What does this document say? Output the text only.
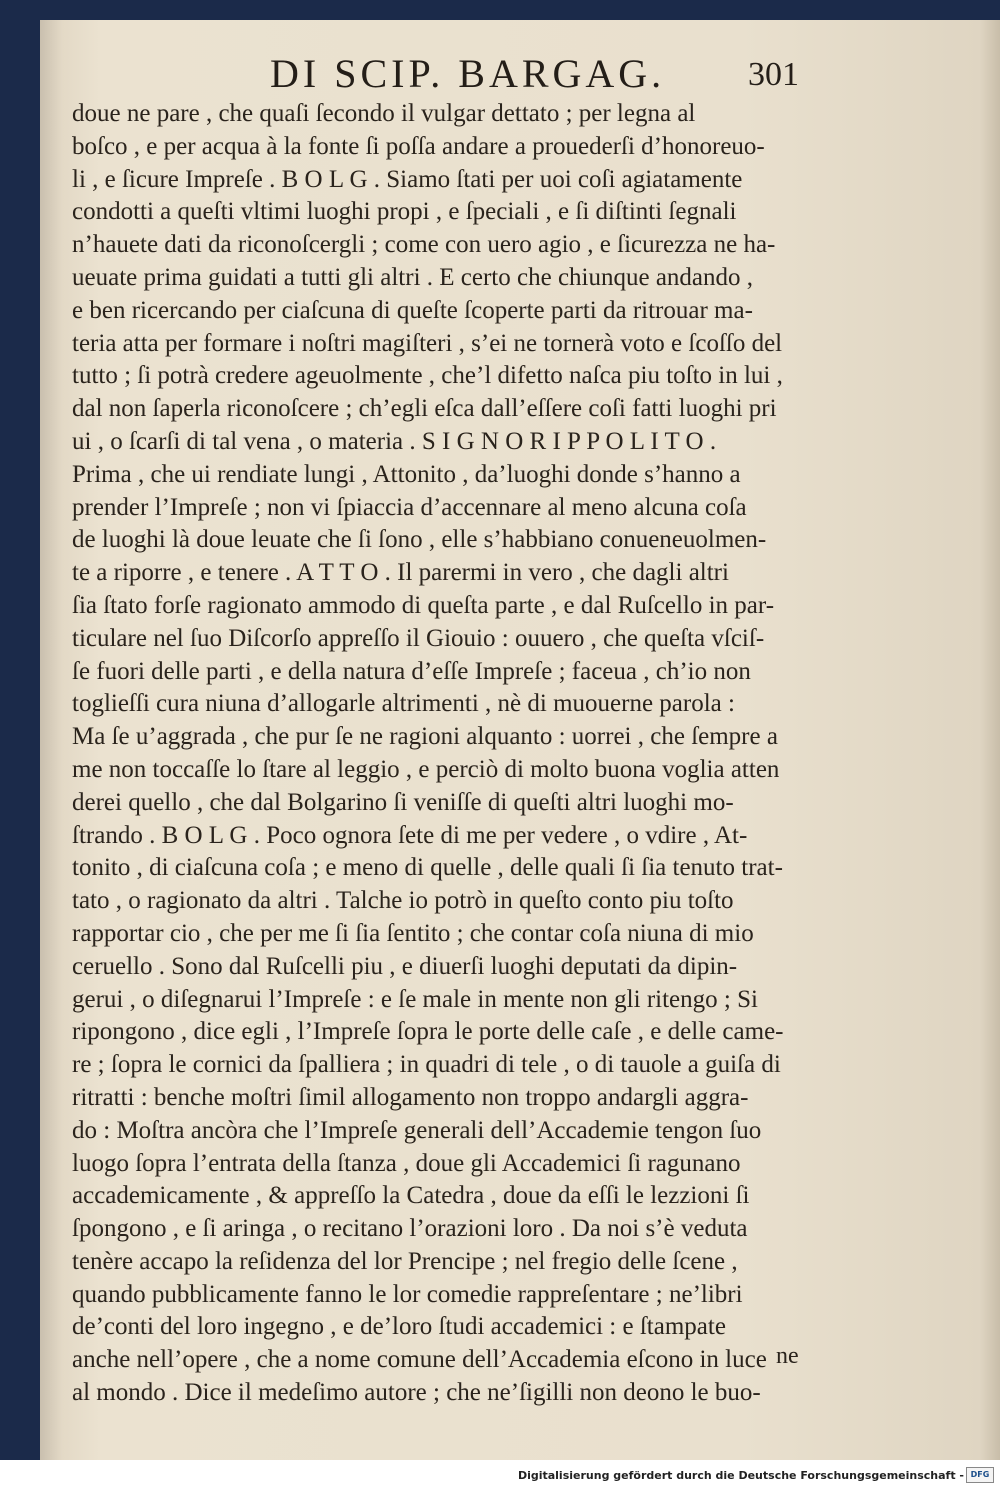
DI SCIP. BARGAG. 301
doue ne pare , che quaſi ſecondo il vulgar dettato ; per legna al
boſco , e per acqua à la fonte ſi poſſa andare a prouederſi d’honoreuo-
li , e ſicure Impreſe . B O L G . Siamo ſtati per uoi coſi agiatamente
condotti a queſti vltimi luoghi propi , e ſpeciali , e ſi diſtinti ſegnali
n’hauete dati da riconoſcergli ; come con uero agio , e ſicurezza ne ha-
ueuate prima guidati a tutti gli altri . E certo che chiunque andando ,
e ben ricercando per ciaſcuna di queſte ſcoperte parti da ritrouar ma-
teria atta per formare i noſtri magiſteri , s’ei ne tornerà voto e ſcoſſo del
tutto ; ſi potrà credere ageuolmente , che’l difetto naſca piu toſto in lui ,
dal non ſaperla riconoſcere ; ch’egli eſca dall’eſſere coſi fatti luoghi pri
ui , o ſcarſi di tal vena , o materia . S I G N O R I P P O L I T O .
Prima , che ui rendiate lungi , Attonito , da’luoghi donde s’hanno a
prender l’Impreſe ; non vi ſpiaccia d’accennare al meno alcuna coſa
de luoghi là doue leuate che ſi ſono , elle s’habbiano conueneuolmen-
te a riporre , e tenere . A T T O . Il parermi in vero , che dagli altri
ſia ſtato forſe ragionato ammodo di queſta parte , e dal Ruſcello in par-
ticulare nel ſuo Diſcorſo appreſſo il Giouio : ouuero , che queſta vſciſ-
ſe fuori delle parti , e della natura d’eſſe Impreſe ; faceua , ch’io non
toglieſſi cura niuna d’allogarle altrimenti , nè di muouerne parola :
Ma ſe u’aggrada , che pur ſe ne ragioni alquanto : uorrei , che ſempre a
me non toccaſſe lo ſtare al leggio , e perciò di molto buona voglia atten
derei quello , che dal Bolgarino ſi veniſſe di queſti altri luoghi mo-
ſtrando . B O L G . Poco ognora ſete di me per vedere , o vdire , At-
tonito , di ciaſcuna coſa ; e meno di quelle , delle quali ſi ſia tenuto trat-
tato , o ragionato da altri . Talche io potrò in queſto conto piu toſto
rapportar cio , che per me ſi ſia ſentito ; che contar coſa niuna di mio
ceruello . Sono dal Ruſcelli piu , e diuerſi luoghi deputati da dipin-
gerui , o diſegnarui l’Impreſe : e ſe male in mente non gli ritengo ; Si
ripongono , dice egli , l’Impreſe ſopra le porte delle caſe , e delle came-
re ; ſopra le cornici da ſpalliera ; in quadri di tele , o di tauole a guiſa di
ritratti : benche moſtri ſimil allogamento non troppo andargli aggra-
do : Moſtra ancòra che l’Impreſe generali dell’Accademie tengon ſuo
luogo ſopra l’entrata della ſtanza , doue gli Accademici ſi ragunano
accademicamente , & appreſſo la Catedra , doue da eſſi le lezzioni ſi
ſpongono , e ſi aringa , o recitano l’orazioni loro . Da noi s’è veduta
tenère accapo la reſidenza del lor Prencipe ; nel fregio delle ſcene ,
quando pubblicamente fanno le lor comedie rappreſentare ; ne’libri
de’conti del loro ingegno , e de’loro ſtudi accademici : e ſtampate
anche nell’opere , che a nome comune dell’Accademia eſcono in luce
al mondo . Dice il medeſimo autore ; che ne’ſigilli non deono le buo-
ne
Digitalisierung gefördert durch die Deutsche Forschungsgemeinschaft - DFG
